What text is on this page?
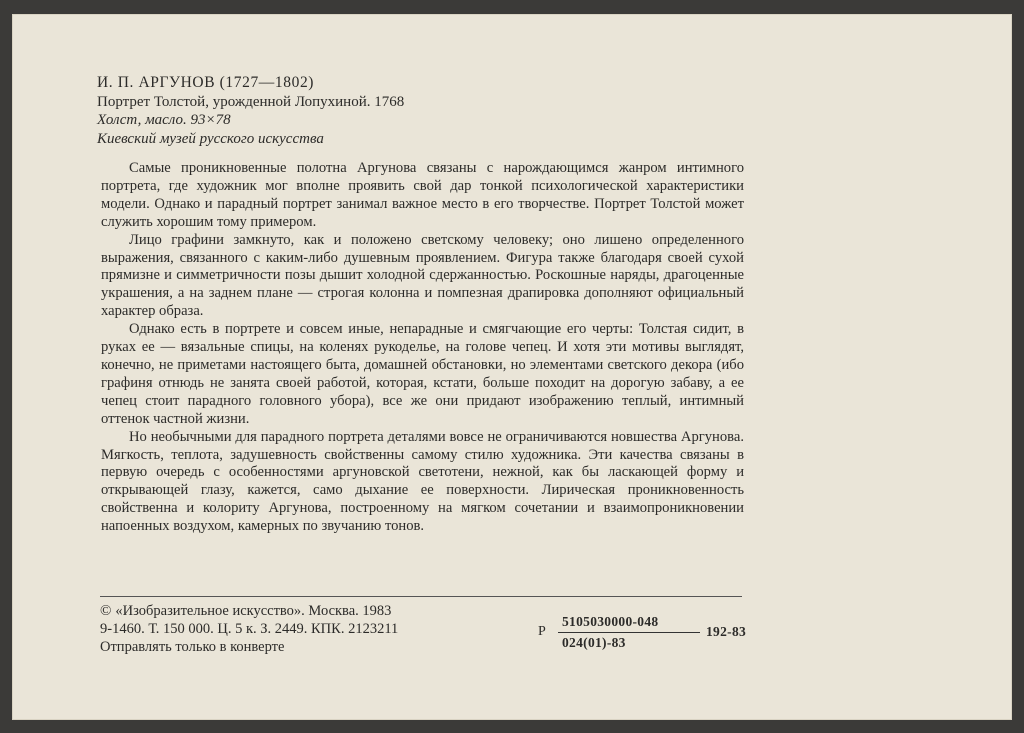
И. П. АРГУНОВ (1727—1802)
Портрет Толстой, урожденной Лопухиной. 1768
Холст, масло. 93×78
Киевский музей русского искусства

Самые проникновенные полотна Аргунова связаны с нарождающимся жанром интимного портрета, где художник мог вполне проявить свой дар тонкой психологической характеристики модели. Однако и парадный портрет занимал важное место в его творчестве. Портрет Толстой может служить хорошим тому примером.

Лицо графини замкнуто, как и положено светскому человеку; оно лишено определенного выражения, связанного с каким-либо душевным проявлением. Фигура также благодаря своей сухой прямизне и симметричности позы дышит холодной сдержанностью. Роскошные наряды, драгоценные украшения, а на заднем плане — строгая колонна и помпезная драпировка дополняют официальный характер образа.

Однако есть в портрете и совсем иные, непарадные и смягчающие его черты: Толстая сидит, в руках ее — вязальные спицы, на коленях рукоделье, на голове чепец. И хотя эти мотивы выглядят, конечно, не приметами настоящего быта, домашней обстановки, но элементами светского декора (ибо графиня отнюдь не занята своей работой, которая, кстати, больше походит на дорогую забаву, а ее чепец стоит парадного головного убора), все же они придают изображению теплый, интимный оттенок частной жизни.

Но необычными для парадного портрета деталями вовсе не ограничиваются новшества Аргунова. Мягкость, теплота, задушевность свойственны самому стилю художника. Эти качества связаны в первую очередь с особенностями аргуновской светотени, нежной, как бы ласкающей форму и открывающей глазу, кажется, само дыхание ее поверхности. Лирическая проникновенность свойственна и колориту Аргунова, построенному на мягком сочетании и взаимопроникновении напоенных воздухом, камерных по звучанию тонов.

© «Изобразительное искусство». Москва. 1983
9-1460. Т. 150 000. Ц. 5 к. З. 2449. КПК. 2123211
Отправлять только в конверте
Р
5105030000-048
024(01)-83
192-83
